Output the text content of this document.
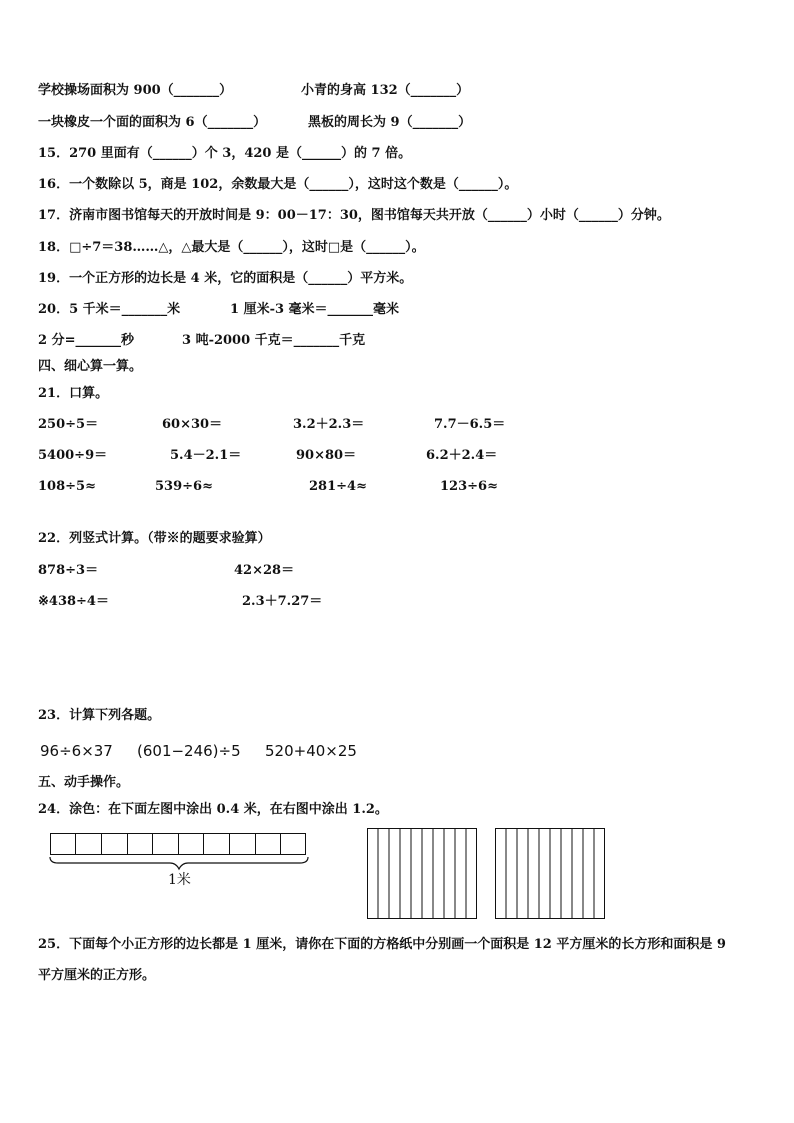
学校操场面积为 900（_______）	小青的身高 132（_______）
一块橡皮一个面的面积为 6（_______）	黑板的周长为 9（_______）
15．270 里面有（______）个 3，420 是（______）的 7 倍。
16．一个数除以 5，商是 102，余数最大是（______），这时这个数是（______）。
17．济南市图书馆每天的开放时间是 9：00－17：30，图书馆每天共开放（______）小时（______）分钟。
18．□÷7＝38……△，△最大是（______），这时□是（______）。
19．一个正方形的边长是 4 米，它的面积是（______）平方米。
20．5 千米＝_______米	1 厘米-3 毫米＝_______毫米
2 分=_______秒	3 吨-2000 千克＝_______千克
四、细心算一算。
21．口算。
250÷5＝	60×30＝	3.2＋2.3＝	7.7－6.5＝
5400÷9＝	5.4－2.1＝	90×80＝	6.2＋2.4＝
108÷5≈	539÷6≈	281÷4≈	123÷6≈
22．列竖式计算。（带※的题要求验算）
878÷3＝	42×28＝
※438÷4＝	2.3＋7.27＝
23．计算下列各题。
96÷6×37 (601−246)÷5 520+40×25
五、动手操作。
24．涂色：在下面左图中涂出 0.4 米，在右图中涂出 1.2。
1米
25．下面每个小正方形的边长都是 1 厘米，请你在下面的方格纸中分别画一个面积是 12 平方厘米的长方形和面积是 9
平方厘米的正方形。
